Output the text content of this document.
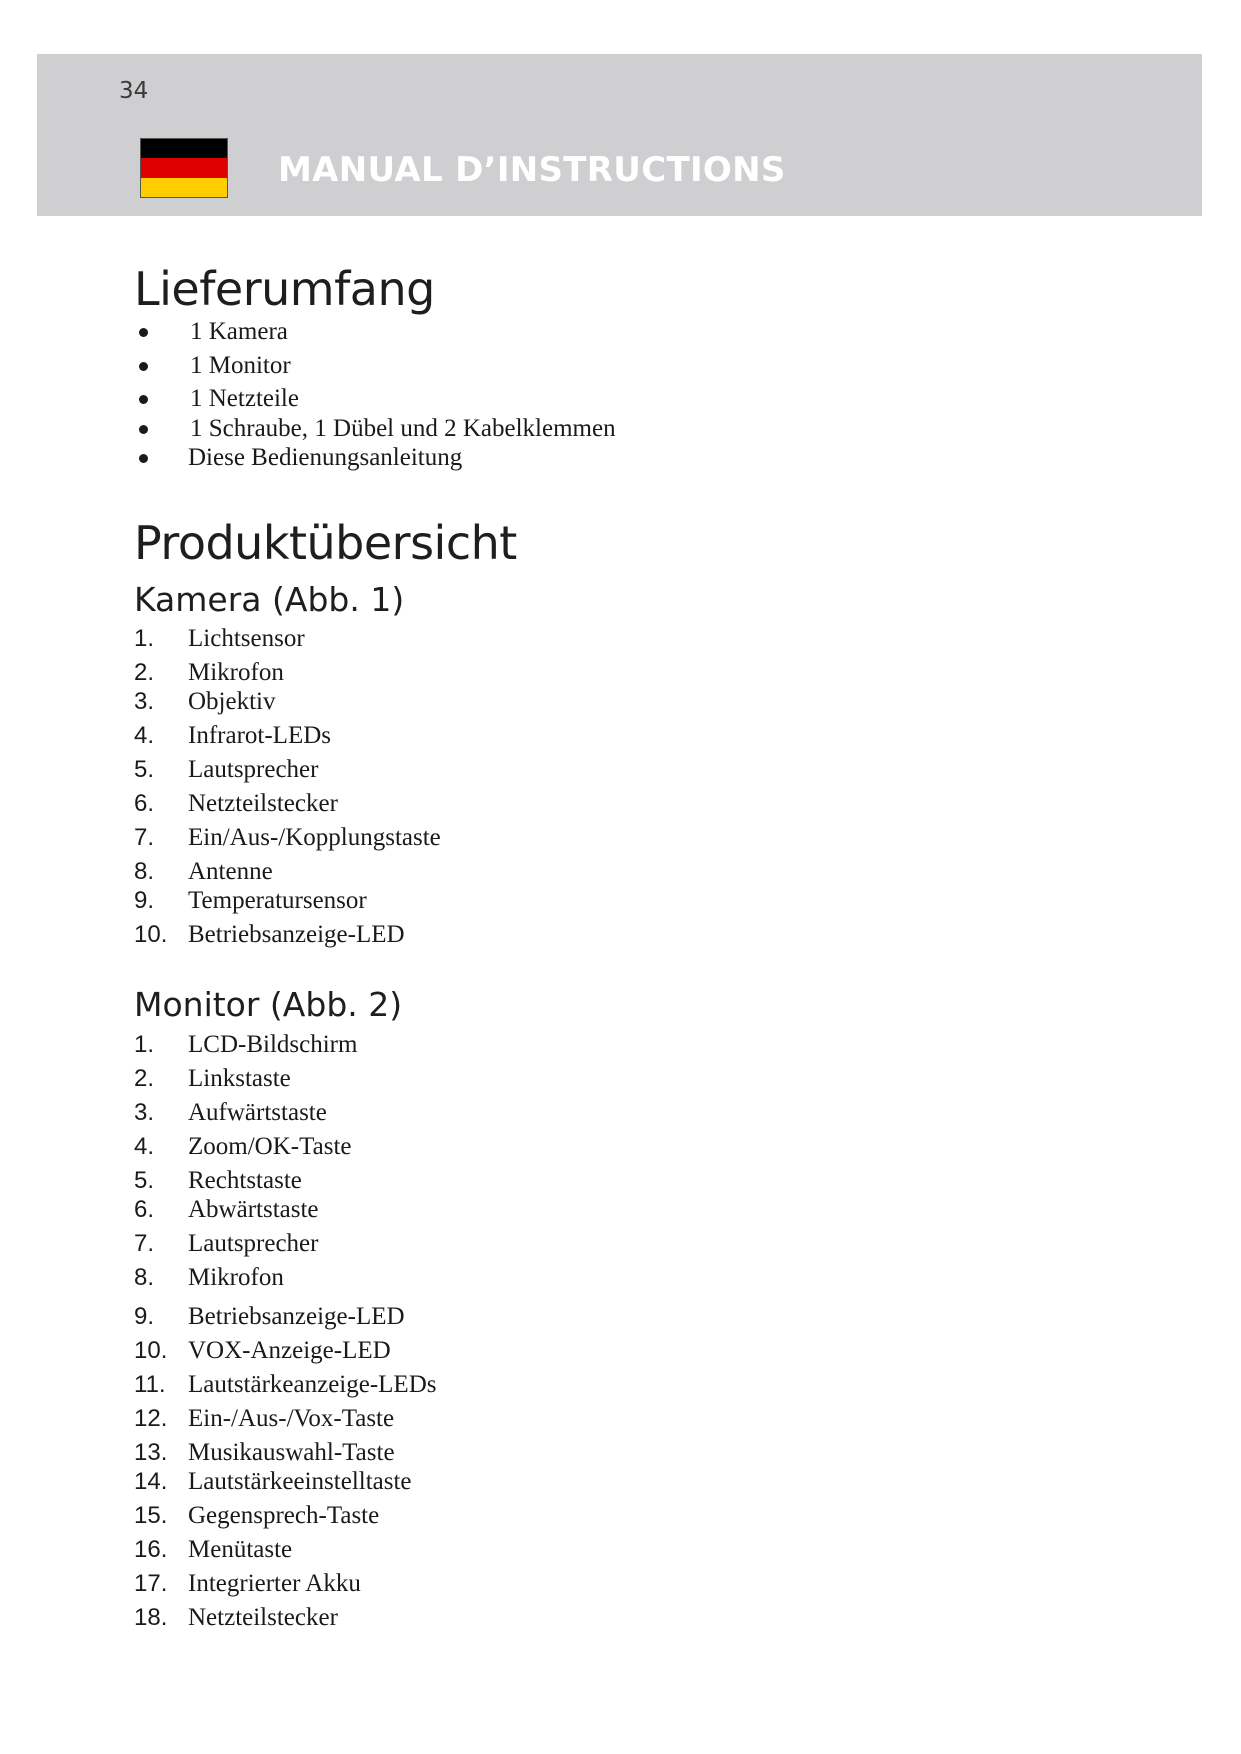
34
MANUAL D’INSTRUCTIONS
Lieferumfang
1 Kamera
1 Monitor
1 Netzteile
1 Schraube, 1 Dübel und 2 Kabelklemmen
Diese Bedienungsanleitung
Produktübersicht
Kamera (Abb. 1)
1. Lichtsensor
2. Mikrofon
3. Objektiv
4. Infrarot-LEDs
5. Lautsprecher
6. Netzteilstecker
7. Ein/Aus-/Kopplungstaste
8. Antenne
9. Temperatursensor
10. Betriebsanzeige-LED
Monitor (Abb. 2)
1. LCD-Bildschirm
2. Linkstaste
3. Aufwärtstaste
4. Zoom/OK-Taste
5. Rechtstaste
6. Abwärtstaste
7. Lautsprecher
8. Mikrofon
9. Betriebsanzeige-LED
10. VOX-Anzeige-LED
11. Lautstärkeanzeige-LEDs
12. Ein-/Aus-/Vox-Taste
13. Musikauswahl-Taste
14. Lautstärkeeinstelltaste
15. Gegensprech-Taste
16. Menütaste
17. Integrierter Akku
18. Netzteilstecker
